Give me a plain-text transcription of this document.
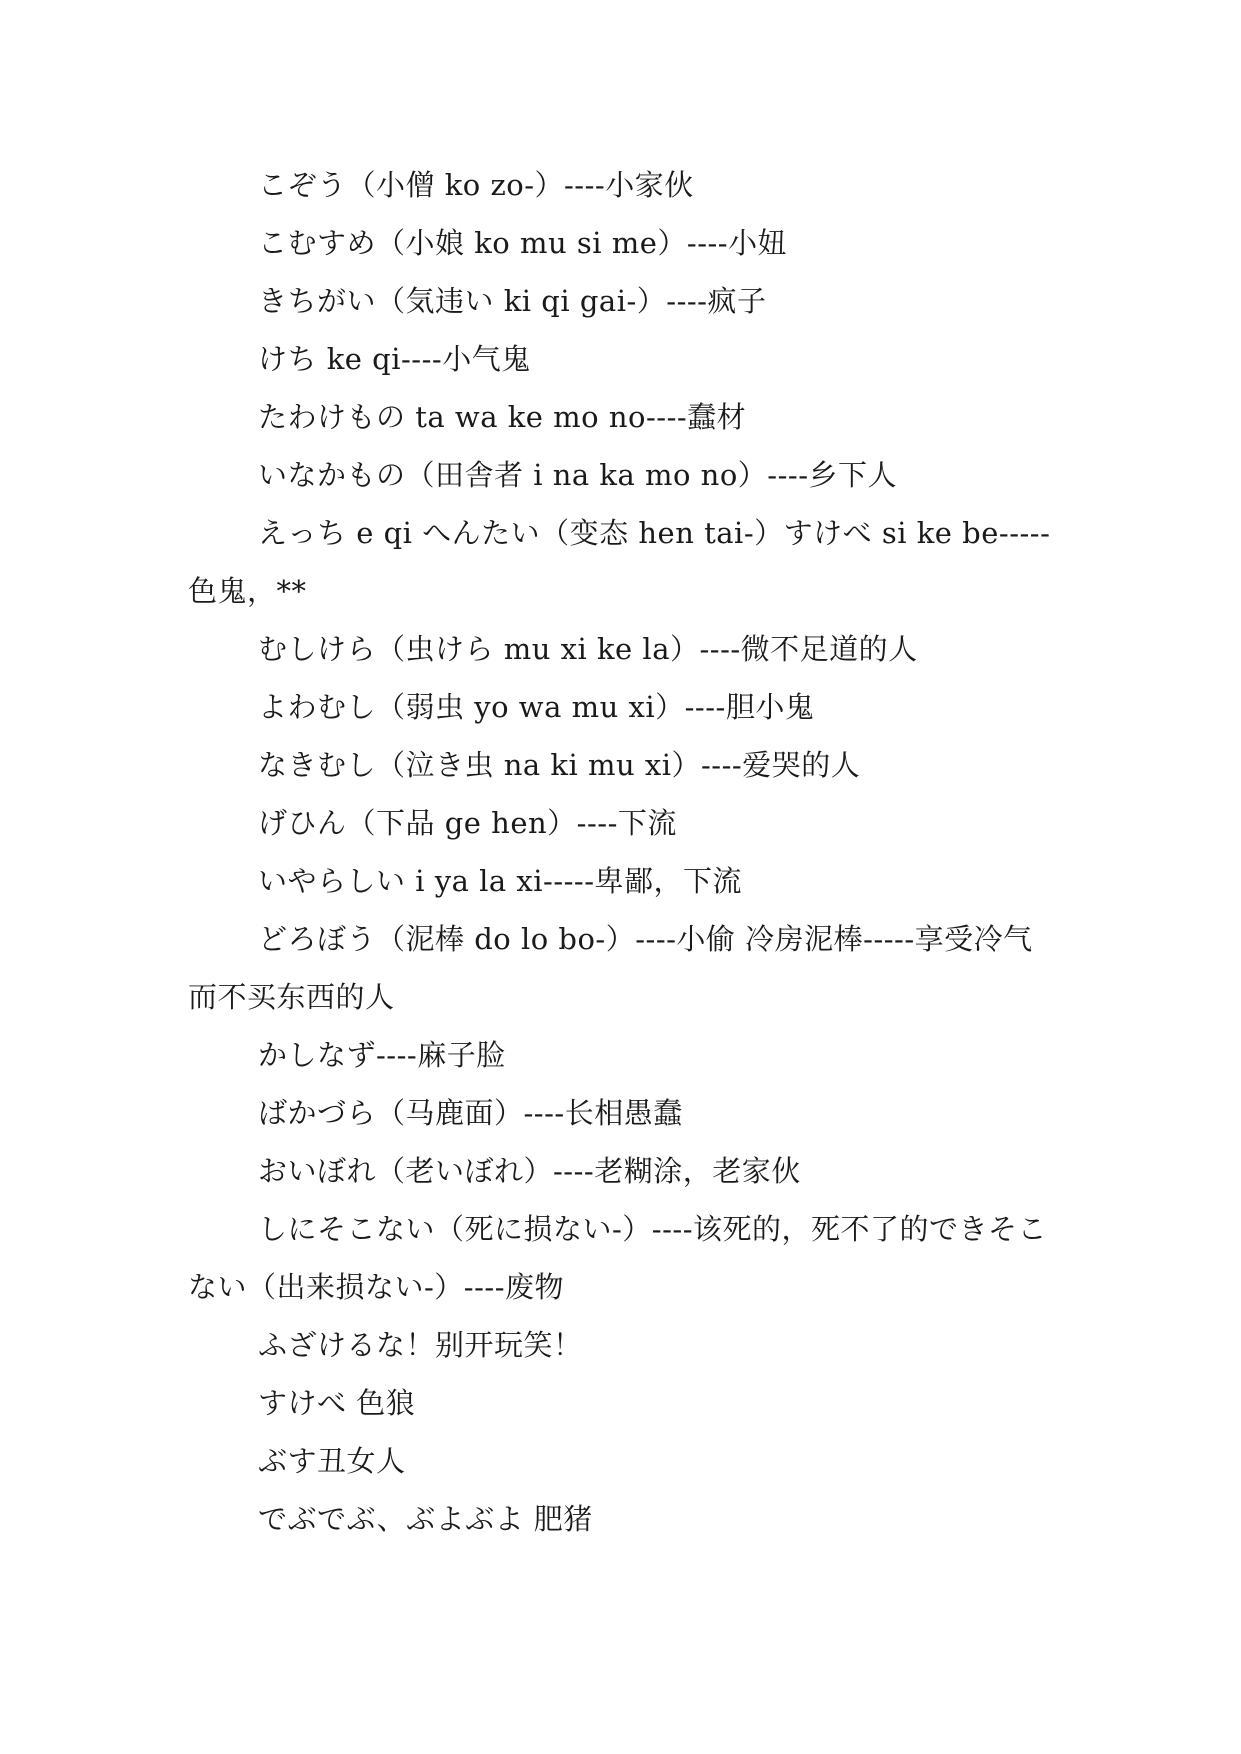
こぞう（小僧 ko zo-）----小家伙

こむすめ（小娘 ko mu si me）----小妞

きちがい（気违い ki qi gai-）----疯子

けち ke qi----小气鬼

たわけもの ta wa ke mo no----蠢材

いなかもの（田舎者 i na ka mo no）----乡下人

えっち e qi へんたい（变态 hen tai-）すけべ si ke be-----色鬼，**

むしけら（虫けら mu xi ke la）----微不足道的人

よわむし（弱虫 yo wa mu xi）----胆小鬼

なきむし（泣き虫 na ki mu xi）----爱哭的人

げひん（下品 ge hen）----下流

いやらしい i ya la xi-----卑鄙，下流

どろぼう（泥棒 do lo bo-）----小偷 冷房泥棒-----享受冷气而不买东西的人

かしなず----麻子脸

ばかづら（马鹿面）----长相愚蠢

おいぼれ（老いぼれ）----老糊涂，老家伙

しにそこない（死に损ない-）----该死的，死不了的できそこない（出来损ない-）----废物

ふざけるな！别开玩笑！

すけべ 色狼

ぶす丑女人

でぶでぶ、ぶよぶよ 肥猪
